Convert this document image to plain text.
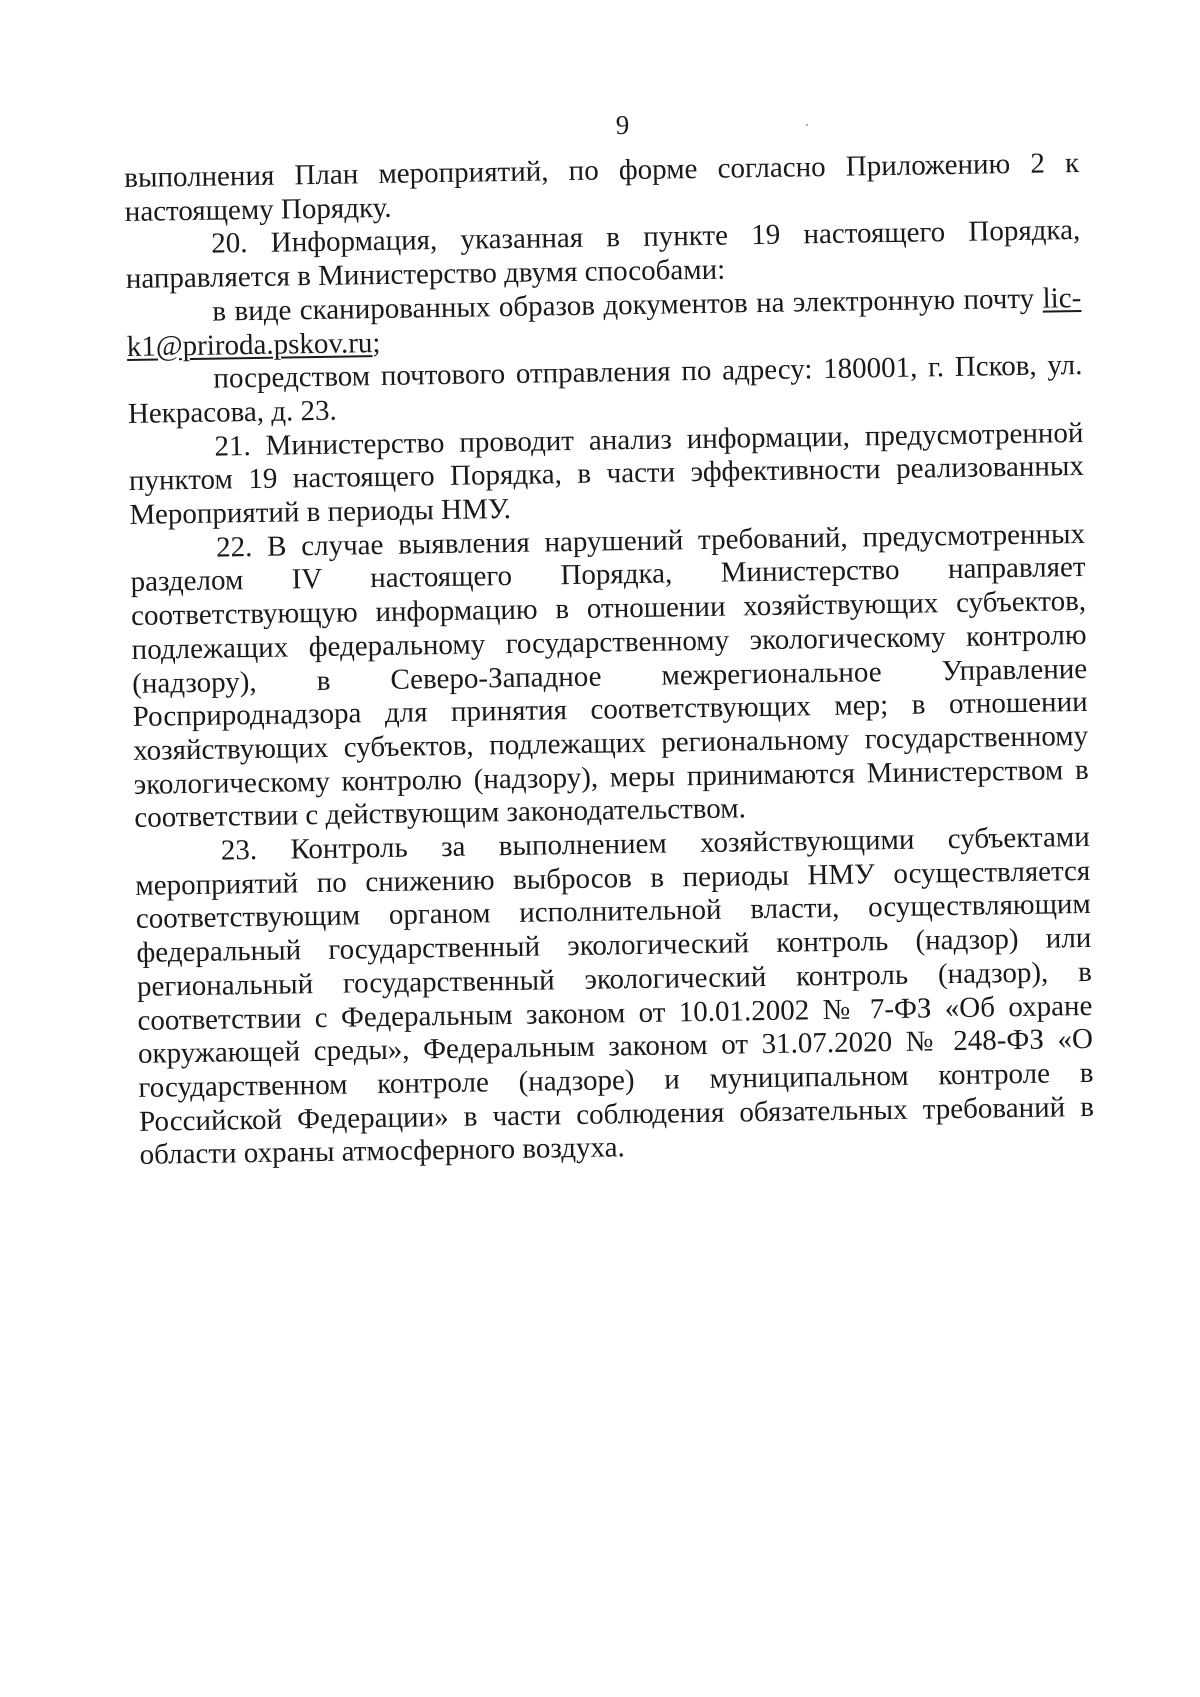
9

выполнения План мероприятий, по форме согласно Приложению 2 к настоящему Порядку.

20. Информация, указанная в пункте 19 настоящего Порядка, направляется в Министерство двумя способами:

в виде сканированных образов документов на электронную почту lic-k1@priroda.pskov.ru;

посредством почтового отправления по адресу: 180001, г. Псков, ул. Некрасова, д. 23.

21. Министерство проводит анализ информации, предусмотренной пунктом 19 настоящего Порядка, в части эффективности реализованных Мероприятий в периоды НМУ.

22. В случае выявления нарушений требований, предусмотренных разделом IV настоящего Порядка, Министерство направляет соответствующую информацию в отношении хозяйствующих субъектов, подлежащих федеральному государственному экологическому контролю (надзору), в Северо-Западное межрегиональное Управление Росприроднадзора для принятия соответствующих мер; в отношении хозяйствующих субъектов, подлежащих региональному государственному экологическому контролю (надзору), меры принимаются Министерством в соответствии с действующим законодательством.

23. Контроль за выполнением хозяйствующими субъектами мероприятий по снижению выбросов в периоды НМУ осуществляется соответствующим органом исполнительной власти, осуществляющим федеральный государственный экологический контроль (надзор) или региональный государственный экологический контроль (надзор), в соответствии с Федеральным законом от 10.01.2002 № 7-ФЗ «Об охране окружающей среды», Федеральным законом от 31.07.2020 № 248-ФЗ «О государственном контроле (надзоре) и муниципальном контроле в Российской Федерации» в части соблюдения обязательных требований в области охраны атмосферного воздуха.
